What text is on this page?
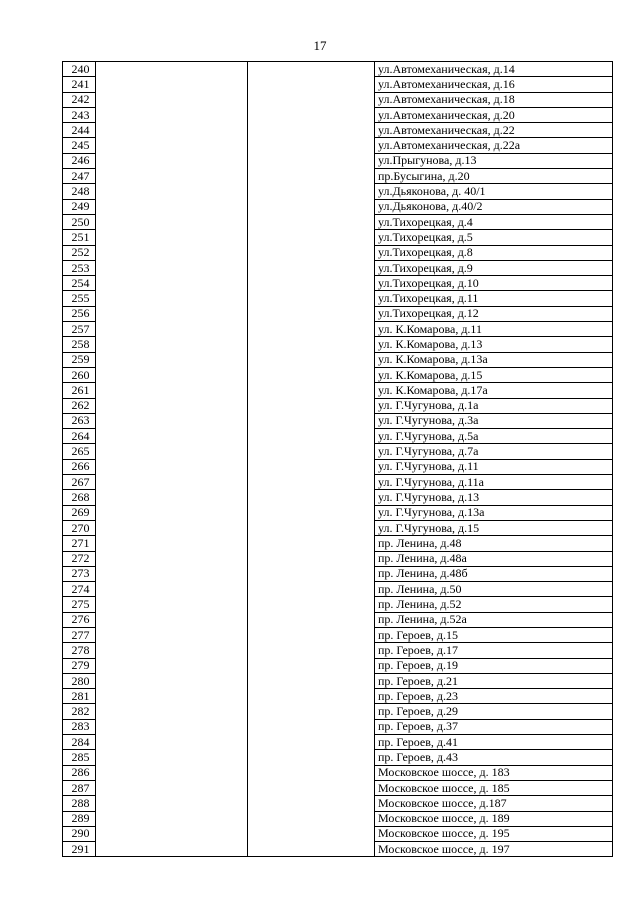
17
240			ул.Автомеханическая, д.14
241			ул.Автомеханическая, д.16
242			ул.Автомеханическая, д.18
243			ул.Автомеханическая, д.20
244			ул.Автомеханическая, д.22
245			ул.Автомеханическая, д.22а
246			ул.Прыгунова, д.13
247			пр.Бусыгина, д.20
248			ул.Дьяконова, д. 40/1
249			ул.Дьяконова, д.40/2
250			ул.Тихорецкая, д.4
251			ул.Тихорецкая, д.5
252			ул.Тихорецкая, д.8
253			ул.Тихорецкая, д.9
254			ул.Тихорецкая, д.10
255			ул.Тихорецкая, д.11
256			ул.Тихорецкая, д.12
257			ул. К.Комарова, д.11
258			ул. К.Комарова, д.13
259			ул. К.Комарова, д.13а
260			ул. К.Комарова, д.15
261			ул. К.Комарова, д.17а
262			ул. Г.Чугунова, д.1а
263			ул. Г.Чугунова, д.3а
264			ул. Г.Чугунова, д.5а
265			ул. Г.Чугунова, д.7а
266			ул. Г.Чугунова, д.11
267			ул. Г.Чугунова, д.11а
268			ул. Г.Чугунова, д.13
269			ул. Г.Чугунова, д.13а
270			ул. Г.Чугунова, д.15
271			пр. Ленина, д.48
272			пр. Ленина, д.48а
273			пр. Ленина, д.48б
274			пр. Ленина, д.50
275			пр. Ленина, д.52
276			пр. Ленина, д.52а
277			пр. Героев, д.15
278			пр. Героев, д.17
279			пр. Героев, д.19
280			пр. Героев, д.21
281			пр. Героев, д.23
282			пр. Героев, д.29
283			пр. Героев, д.37
284			пр. Героев, д.41
285			пр. Героев, д.43
286			Московское шоссе, д. 183
287			Московское шоссе, д. 185
288			Московское шоссе, д.187
289			Московское шоссе, д. 189
290			Московское шоссе, д. 195
291			Московское шоссе, д. 197
